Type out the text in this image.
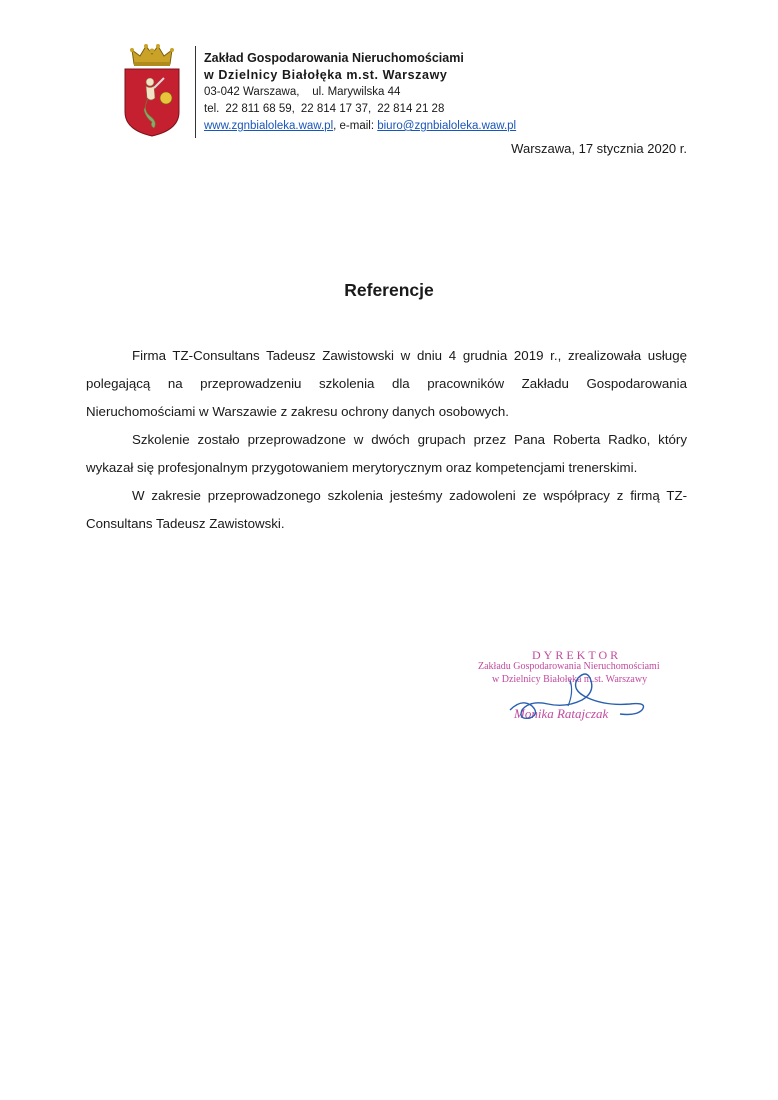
Zakład Gospodarowania Nieruchomościami
w Dzielnicy Białołęka m.st. Warszawy
03-042 Warszawa,    ul. Marywilska 44
tel. 22 811 68 59, 22 814 17 37, 22 814 21 28
www.zgnbialoleka.waw.pl, e-mail: biuro@zgnbialoleka.waw.pl
Warszawa, 17 stycznia 2020 r.
Referencje

Firma TZ-Consultans Tadeusz Zawistowski w dniu 4 grudnia 2019 r., zrealizowała usługę polegającą na przeprowadzeniu szkolenia dla pracowników Zakładu Gospodarowania Nieruchomościami w Warszawie z zakresu ochrony danych osobowych.

Szkolenie zostało przeprowadzone w dwóch grupach przez Pana Roberta Radko, który wykazał się profesjonalnym przygotowaniem merytorycznym oraz kompetencjami trenerskimi.

W zakresie przeprowadzonego szkolenia jesteśmy zadowoleni ze współpracy z firmą TZ-Consultans Tadeusz Zawistowski.

DYREKTOR
Zakładu Gospodarowania Nieruchomościami
w Dzielnicy Białołęka m.st. Warszawy
Monika Ratajczak
